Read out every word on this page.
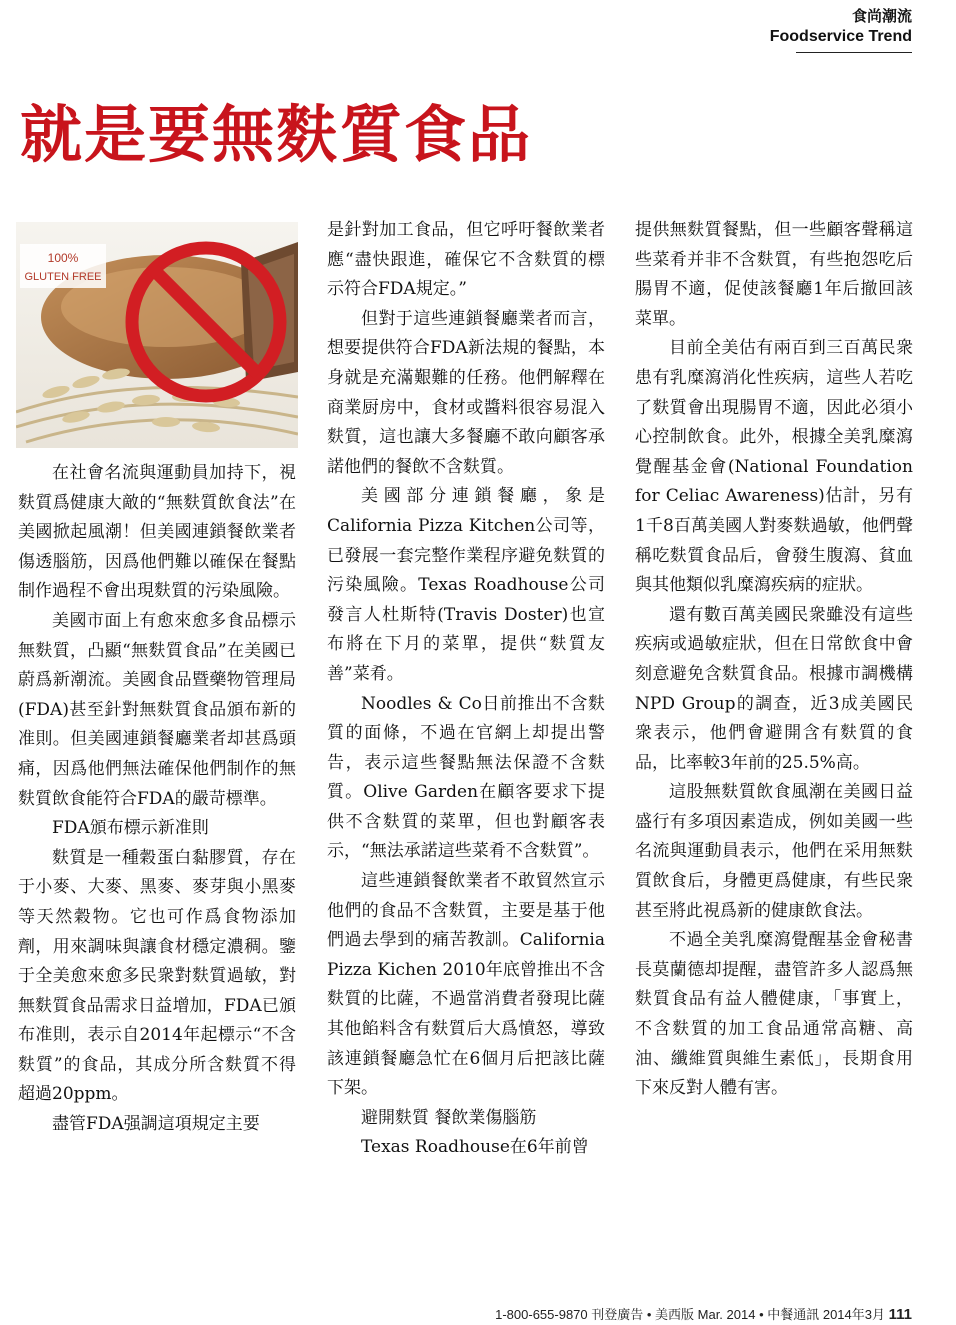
食尚潮流
Foodservice Trend
就是要無麩質食品
100%
GLUTEN FREE

在社會名流與運動員加持下，視麩質爲健康大敵的“無麩質飲食法”在美國掀起風潮！但美國連鎖餐飲業者傷透腦筋，因爲他們難以確保在餐點制作過程不會出現麩質的污染風險。

美國市面上有愈來愈多食品標示無麩質，凸顯“無麩質食品”在美國已蔚爲新潮流。美國食品暨藥物管理局(FDA)甚至針對無麩質食品頒布新的准則。但美國連鎖餐廳業者却甚爲頭痛，因爲他們無法確保他們制作的無麩質飲食能符合FDA的嚴苛標準。

FDA頒布標示新准則

麩質是一種穀蛋白黏膠質，存在于小麥、大麥、黑麥、麥芽與小黑麥等天然穀物。它也可作爲食物添加劑，用來調味與讓食材穩定濃稠。鑒于全美愈來愈多民衆對麩質過敏，對無麩質食品需求日益增加，FDA已頒布准則，表示自2014年起標示“不含麩質”的食品，其成分所含麩質不得超過20ppm。

盡管FDA强調這項規定主要

是針對加工食品，但它呼吁餐飲業者應“盡快跟進，確保它不含麩質的標示符合FDA規定。”

但對于這些連鎖餐廳業者而言，想要提供符合FDA新法規的餐點，本身就是充滿艱難的任務。他們解釋在商業厨房中，食材或醬料很容易混入麩質，這也讓大多餐廳不敢向顧客承諾他們的餐飲不含麩質。

美國部分連鎖餐廳，象是California Pizza Kitchen公司等，已發展一套完整作業程序避免麩質的污染風險。Texas Roadhouse公司發言人杜斯特(Travis Doster)也宣布將在下月的菜單，提供“麩質友善”菜肴。

Noodles & Co日前推出不含麩質的面條，不過在官網上却提出警告，表示這些餐點無法保證不含麩質。Olive Garden在顧客要求下提供不含麩質的菜單，但也對顧客表示，“無法承諾這些菜肴不含麩質”。

這些連鎖餐飲業者不敢貿然宣示他們的食品不含麩質，主要是基于他們過去學到的痛苦教訓。California Pizza Kichen 2010年底曾推出不含麩質的比薩，不過當消費者發現比薩其他餡料含有麩質后大爲憤怒，導致該連鎖餐廳急忙在6個月后把該比薩下架。

避開麩質 餐飲業傷腦筋

Texas Roadhouse在6年前曾

提供無麩質餐點，但一些顧客聲稱這些菜肴并非不含麩質，有些抱怨吃后腸胃不適，促使該餐廳1年后撤回該菜單。

目前全美估有兩百到三百萬民衆患有乳糜瀉消化性疾病，這些人若吃了麩質會出現腸胃不適，因此必須小心控制飲食。此外，根據全美乳糜瀉覺醒基金會(National Foundation for Celiac Awareness)估計，另有1千8百萬美國人對麥麩過敏，他們聲稱吃麩質食品后，會發生腹瀉、貧血與其他類似乳糜瀉疾病的症狀。

還有數百萬美國民衆雖没有這些疾病或過敏症狀，但在日常飲食中會刻意避免含麩質食品。根據市調機構NPD Group的調查，近3成美國民衆表示，他們會避開含有麩質的食品，比率較3年前的25.5%高。

這股無麩質飲食風潮在美國日益盛行有多項因素造成，例如美國一些名流與運動員表示，他們在采用無麩質飲食后，身體更爲健康，有些民衆甚至將此視爲新的健康飲食法。

不過全美乳糜瀉覺醒基金會秘書長莫蘭德却提醒，盡管許多人認爲無麩質食品有益人體健康，「事實上，不含麩質的加工食品通常高糖、高油、纖維質與維生素低」，長期食用下來反對人體有害。

1-800-655-9870 刊登廣告 • 美西版 Mar. 2014 • 中餐通訊 2014年3月 111
